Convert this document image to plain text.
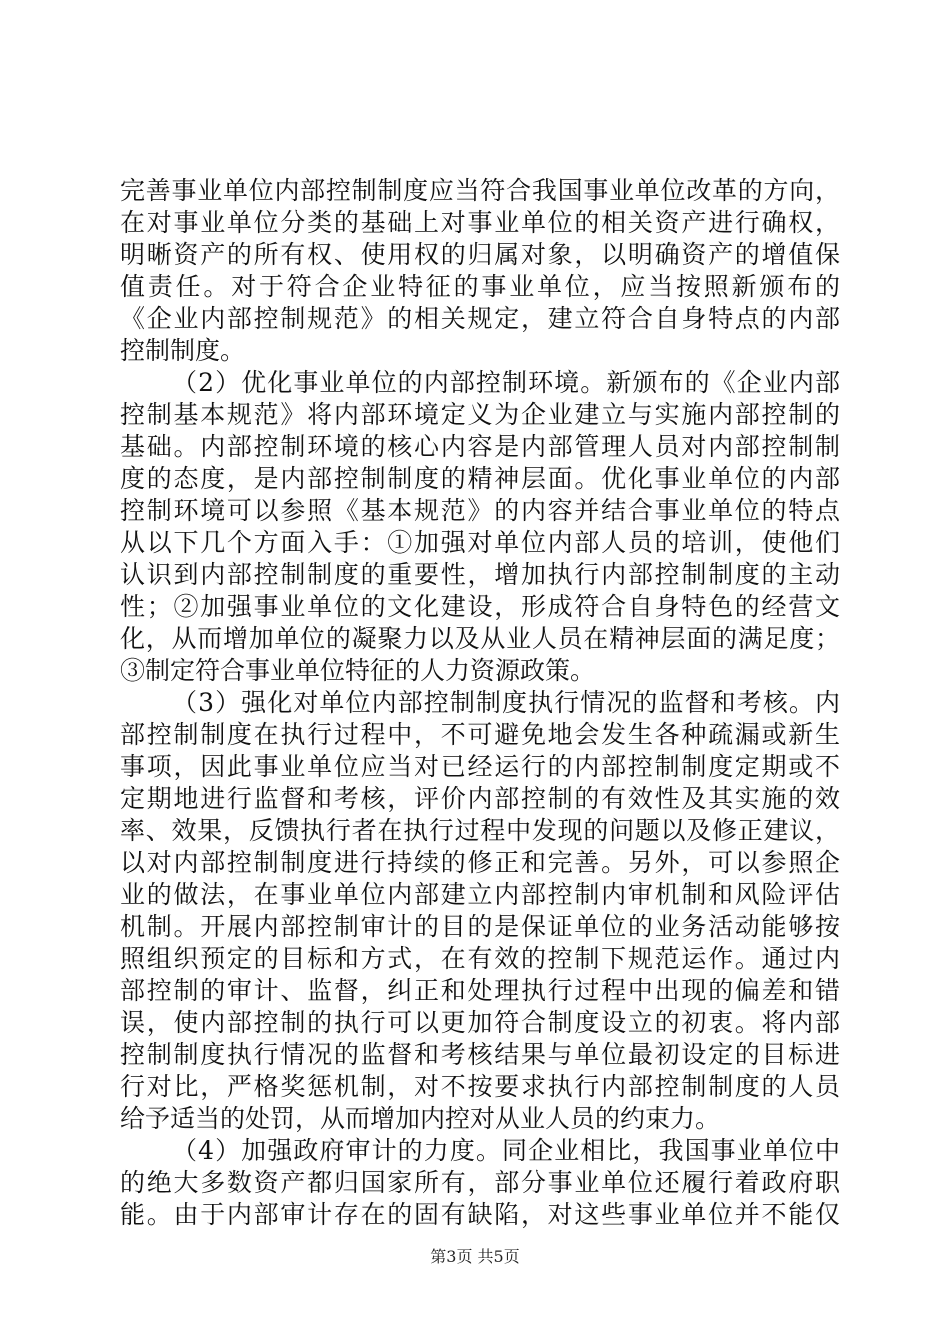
完善事业单位内部控制制度应当符合我国事业单位改革的方向，
在对事业单位分类的基础上对事业单位的相关资产进行确权，
明晰资产的所有权、使用权的归属对象，以明确资产的增值保
值责任。对于符合企业特征的事业单位，应当按照新颁布的
《企业内部控制规范》的相关规定，建立符合自身特点的内部
控制制度。
（2）优化事业单位的内部控制环境。新颁布的《企业内部
控制基本规范》将内部环境定义为企业建立与实施内部控制的
基础。内部控制环境的核心内容是内部管理人员对内部控制制
度的态度，是内部控制制度的精神层面。优化事业单位的内部
控制环境可以参照《基本规范》的内容并结合事业单位的特点
从以下几个方面入手：①加强对单位内部人员的培训，使他们
认识到内部控制制度的重要性，增加执行内部控制制度的主动
性；②加强事业单位的文化建设，形成符合自身特色的经营文
化，从而增加单位的凝聚力以及从业人员在精神层面的满足度；
③制定符合事业单位特征的人力资源政策。
（3）强化对单位内部控制制度执行情况的监督和考核。内
部控制制度在执行过程中，不可避免地会发生各种疏漏或新生
事项，因此事业单位应当对已经运行的内部控制制度定期或不
定期地进行监督和考核，评价内部控制的有效性及其实施的效
率、效果，反馈执行者在执行过程中发现的问题以及修正建议，
以对内部控制制度进行持续的修正和完善。另外，可以参照企
业的做法，在事业单位内部建立内部控制内审机制和风险评估
机制。开展内部控制审计的目的是保证单位的业务活动能够按
照组织预定的目标和方式，在有效的控制下规范运作。通过内
部控制的审计、监督，纠正和处理执行过程中出现的偏差和错
误，使内部控制的执行可以更加符合制度设立的初衷。将内部
控制制度执行情况的监督和考核结果与单位最初设定的目标进
行对比，严格奖惩机制，对不按要求执行内部控制制度的人员
给予适当的处罚，从而增加内控对从业人员的约束力。
（4）加强政府审计的力度。同企业相比，我国事业单位中
的绝大多数资产都归国家所有，部分事业单位还履行着政府职
能。由于内部审计存在的固有缺陷，对这些事业单位并不能仅
第3页 共5页
